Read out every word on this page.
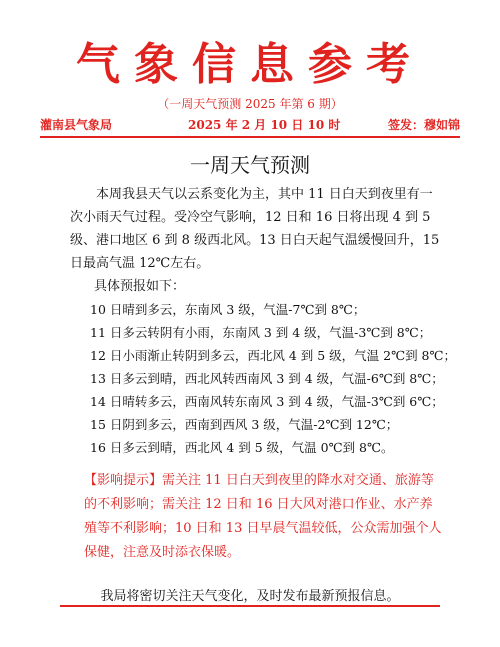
气象信息参考
（一周天气预测 2025 年第 6 期）
灌南县气象局	2025 年 2 月 10 日 10 时	签发：穆如锦
一周天气预测

本周我县天气以云系变化为主，其中 11 日白天到夜里有一次小雨天气过程。受冷空气影响，12 日和 16 日将出现 4 到 5 级、港口地区 6 到 8 级西北风。13 日白天起气温缓慢回升，15 日最高气温 12℃左右。

具体预报如下：

10 日晴到多云，东南风 3 级，气温-7℃到 8℃；
11 日多云转阴有小雨，东南风 3 到 4 级，气温-3℃到 8℃；
12 日小雨渐止转阴到多云，西北风 4 到 5 级，气温 2℃到 8℃；
13 日多云到晴，西北风转西南风 3 到 4 级，气温-6℃到 8℃；
14 日晴转多云，西南风转东南风 3 到 4 级，气温-3℃到 6℃；
15 日阴到多云，西南到西风 3 级，气温-2℃到 12℃；
16 日多云到晴，西北风 4 到 5 级，气温 0℃到 8℃。
【影响提示】需关注 11 日白天到夜里的降水对交通、旅游等的不利影响；需关注 12 日和 16 日大风对港口作业、水产养殖等不利影响；10 日和 13 日早晨气温较低，公众需加强个人保健，注意及时添衣保暖。
我局将密切关注天气变化，及时发布最新预报信息。
